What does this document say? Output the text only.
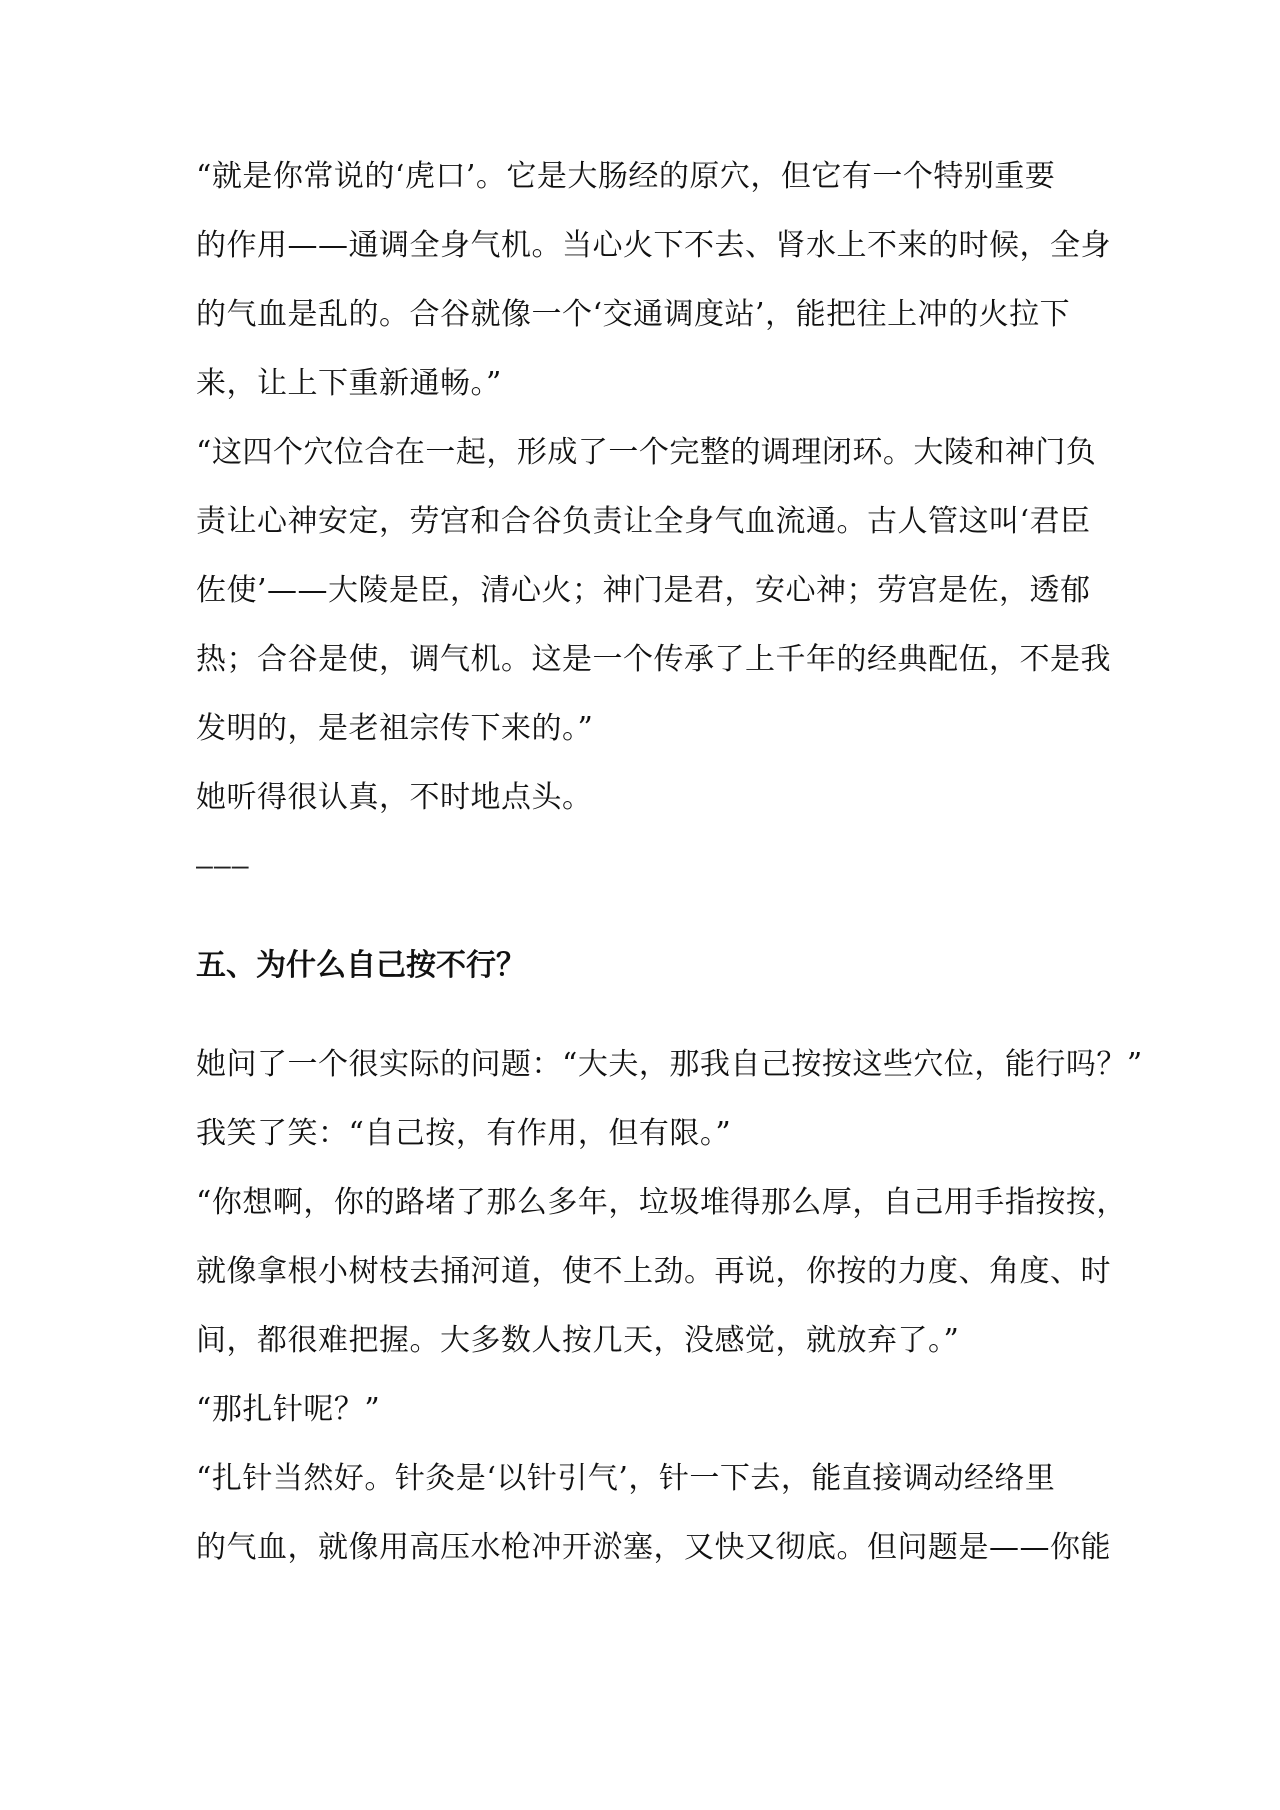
“就是你常说的‘虎口’。它是大肠经的原穴，但它有一个特别重要
的作用——通调全身气机。当心火下不去、肾水上不来的时候，全身
的气血是乱的。合谷就像一个‘交通调度站’，能把往上冲的火拉下
来，让上下重新通畅。”
“这四个穴位合在一起，形成了一个完整的调理闭环。大陵和神门负
责让心神安定，劳宫和合谷负责让全身气血流通。古人管这叫‘君臣
佐使’——大陵是臣，清心火；神门是君，安心神；劳宫是佐，透郁
热；合谷是使，调气机。这是一个传承了上千年的经典配伍，不是我
发明的，是老祖宗传下来的。”
她听得很认真，不时地点头。
———
五、为什么自己按不行？
她问了一个很实际的问题：“大夫，那我自己按按这些穴位，能行吗？”
我笑了笑：“自己按，有作用，但有限。”
“你想啊，你的路堵了那么多年，垃圾堆得那么厚，自己用手指按按，
就像拿根小树枝去捅河道，使不上劲。再说，你按的力度、角度、时
间，都很难把握。大多数人按几天，没感觉，就放弃了。”
“那扎针呢？”
“扎针当然好。针灸是‘以针引气’，针一下去，能直接调动经络里
的气血，就像用高压水枪冲开淤塞，又快又彻底。但问题是——你能
